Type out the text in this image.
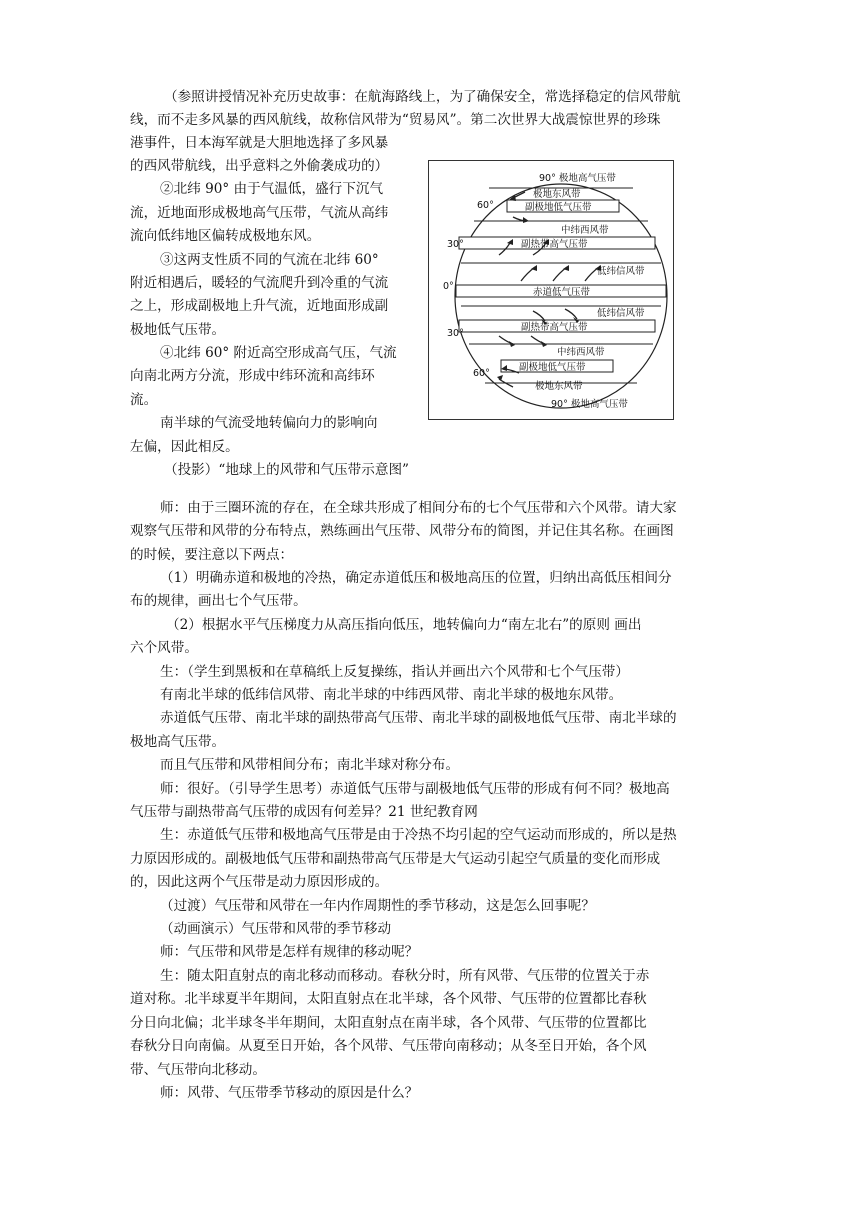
（参照讲授情况补充历史故事：在航海路线上，为了确保安全，常选择稳定的信风带航
线，而不走多风暴的西风航线，故称信风带为“贸易风”。第二次世界大战震惊世界的珍珠
港事件，日本海军就是大胆地选择了多风暴
的西风带航线，出乎意料之外偷袭成功的）
②北纬 90° 由于气温低，盛行下沉气
流，近地面形成极地高气压带，气流从高纬
流向低纬地区偏转成极地东风。
③这两支性质不同的气流在北纬 60°
附近相遇后，暖轻的气流爬升到冷重的气流
之上，形成副极地上升气流，近地面形成副
极地低气压带。
④北纬 60° 附近高空形成高气压，气流
向南北两方分流，形成中纬环流和高纬环
流。
南半球的气流受地转偏向力的影响向
左偏，因此相反。
（投影）“地球上的风带和气压带示意图”
师：由于三圈环流的存在，在全球共形成了相间分布的七个气压带和六个风带。请大家
观察气压带和风带的分布特点，熟练画出气压带、风带分布的简图，并记住其名称。在画图
的时候，要注意以下两点：
（1）明确赤道和极地的冷热，确定赤道低压和极地高压的位置，归纳出高低压相间分
布的规律，画出七个气压带。
（2）根据水平气压梯度力从高压指向低压，地转偏向力“南左北右”的原则 画出
六个风带。
生：（学生到黑板和在草稿纸上反复操练，指认并画出六个风带和七个气压带）
有南北半球的低纬信风带、南北半球的中纬西风带、南北半球的极地东风带。
赤道低气压带、南北半球的副热带高气压带、南北半球的副极地低气压带、南北半球的
极地高气压带。
而且气压带和风带相间分布；南北半球对称分布。
师：很好。（引导学生思考）赤道低气压带与副极地低气压带的形成有何不同？极地高
气压带与副热带高气压带的成因有何差异？21 世纪教育网
生：赤道低气压带和极地高气压带是由于冷热不均引起的空气运动而形成的，所以是热
力原因形成的。副极地低气压带和副热带高气压带是大气运动引起空气质量的变化而形成
的，因此这两个气压带是动力原因形成的。
（过渡）气压带和风带在一年内作周期性的季节移动，这是怎么回事呢？
（动画演示）气压带和风带的季节移动
师：气压带和风带是怎样有规律的移动呢？
生：随太阳直射点的南北移动而移动。春秋分时，所有风带、气压带的位置关于赤
道对称。北半球夏半年期间，太阳直射点在北半球，各个风带、气压带的位置都比春秋
分日向北偏；北半球冬半年期间，太阳直射点在南半球，各个风带、气压带的位置都比
春秋分日向南偏。从夏至日开始，各个风带、气压带向南移动；从冬至日开始，各个风
带、气压带向北移动。
师：风带、气压带季节移动的原因是什么？
90° 极地高气压带
60°
30°
0°
30°
60°
90° 极地高气压带
极地东风带
副极地低气压带
中纬西风带
副热带高气压带
低纬信风带
赤道低气压带
低纬信风带
副热带高气压带
中纬西风带
副极地低气压带
极地东风带
